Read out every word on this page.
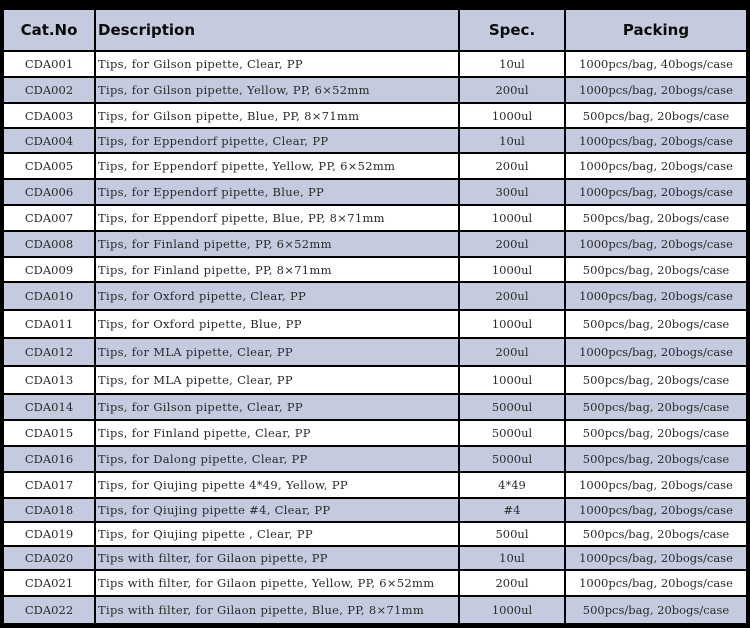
Cat.No	Description	Spec.	Packing
CDA001	Tips, for Gilson pipette, Clear, PP	10ul	1000pcs/bag, 40bogs/case
CDA002	Tips, for Gilson pipette, Yellow, PP, 6×52mm	200ul	1000pcs/bag, 20bogs/case
CDA003	Tips, for Gilson pipette, Blue, PP, 8×71mm	1000ul	500pcs/bag, 20bogs/case
CDA004	Tips, for Eppendorf pipette, Clear, PP	10ul	1000pcs/bag, 20bogs/case
CDA005	Tips, for Eppendorf pipette, Yellow, PP, 6×52mm	200ul	1000pcs/bag, 20bogs/case
CDA006	Tips, for Eppendorf pipette, Blue, PP	300ul	1000pcs/bag, 20bogs/case
CDA007	Tips, for Eppendorf pipette, Blue, PP, 8×71mm	1000ul	500pcs/bag, 20bogs/case
CDA008	Tips, for Finland pipette, PP, 6×52mm	200ul	1000pcs/bag, 20bogs/case
CDA009	Tips, for Finland pipette, PP, 8×71mm	1000ul	500pcs/bag, 20bogs/case
CDA010	Tips, for Oxford pipette, Clear, PP	200ul	1000pcs/bag, 20bogs/case
CDA011	Tips, for Oxford pipette, Blue, PP	1000ul	500pcs/bag, 20bogs/case
CDA012	Tips, for MLA pipette, Clear, PP	200ul	1000pcs/bag, 20bogs/case
CDA013	Tips, for MLA pipette, Clear, PP	1000ul	500pcs/bag, 20bogs/case
CDA014	Tips, for Gilson pipette, Clear, PP	5000ul	500pcs/bag, 20bogs/case
CDA015	Tips, for Finland pipette, Clear, PP	5000ul	500pcs/bag, 20bogs/case
CDA016	Tips, for Dalong pipette, Clear, PP	5000ul	500pcs/bag, 20bogs/case
CDA017	Tips, for Qiujing pipette 4*49, Yellow, PP	4*49	1000pcs/bag, 20bogs/case
CDA018	Tips, for Qiujing pipette #4, Clear, PP	#4	1000pcs/bag, 20bogs/case
CDA019	Tips, for Qiujing pipette , Clear, PP	500ul	500pcs/bag, 20bogs/case
CDA020	Tips with filter, for Gilaon pipette, PP	10ul	1000pcs/bag, 20bogs/case
CDA021	Tips with filter, for Gilaon pipette, Yellow, PP, 6×52mm	200ul	1000pcs/bag, 20bogs/case
CDA022	Tips with filter, for Gilaon pipette, Blue, PP, 8×71mm	1000ul	500pcs/bag, 20bogs/case
